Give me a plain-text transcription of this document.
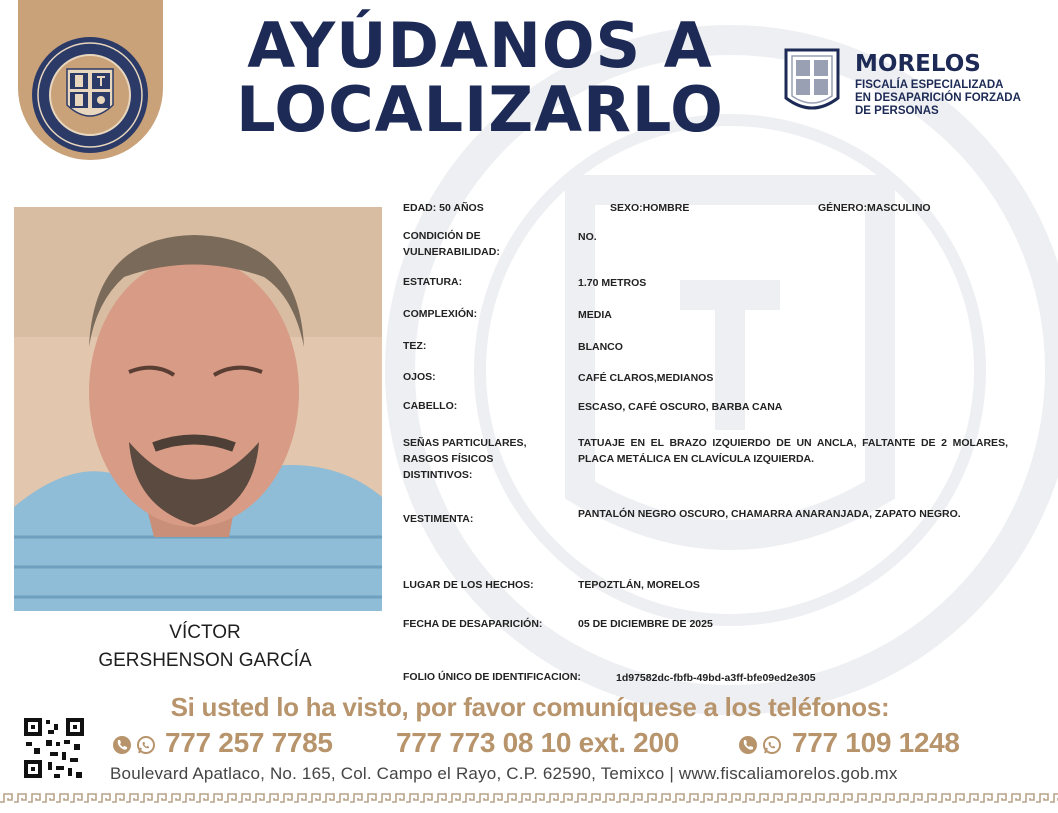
AYÚDANOS A
LOCALIZARLO
MORELOS
FISCALÍA ESPECIALIZADA
EN DESAPARICIÓN FORZADA
DE PERSONAS
VÍCTOR
GERSHENSON GARCÍA
EDAD: 50 AÑOS	SEXO:HOMBRE	GÉNERO:MASCULINO
CONDICIÓN DE VULNERABILIDAD:
NO.
ESTATURA:	1.70 METROS
COMPLEXIÓN:	MEDIA
TEZ:	BLANCO
OJOS:	CAFÉ CLAROS,MEDIANOS
CABELLO:	ESCASO, CAFÉ OSCURO, BARBA CANA
SEÑAS PARTICULARES, RASGOS FÍSICOS DISTINTIVOS:
TATUAJE EN EL BRAZO IZQUIERDO DE UN ANCLA, FALTANTE DE 2 MOLARES, PLACA METÁLICA EN CLAVÍCULA IZQUIERDA.
VESTIMENTA:	PANTALÓN NEGRO OSCURO, CHAMARRA ANARANJADA, ZAPATO NEGRO.
LUGAR DE LOS HECHOS:	TEPOZTLÁN, MORELOS
FECHA DE DESAPARICIÓN:	05 DE DICIEMBRE DE 2025
FOLIO ÚNICO DE IDENTIFICACION:	1d97582dc-fbfb-49bd-a3ff-bfe09ed2e305
Si usted lo ha visto, por favor comuníquese a los teléfonos:
777 257 7785 777 773 08 10 ext. 200	777 109 1248
Boulevard Apatlaco, No. 165, Col. Campo el Rayo, C.P. 62590, Temixco | www.fiscaliamorelos.gob.mx
